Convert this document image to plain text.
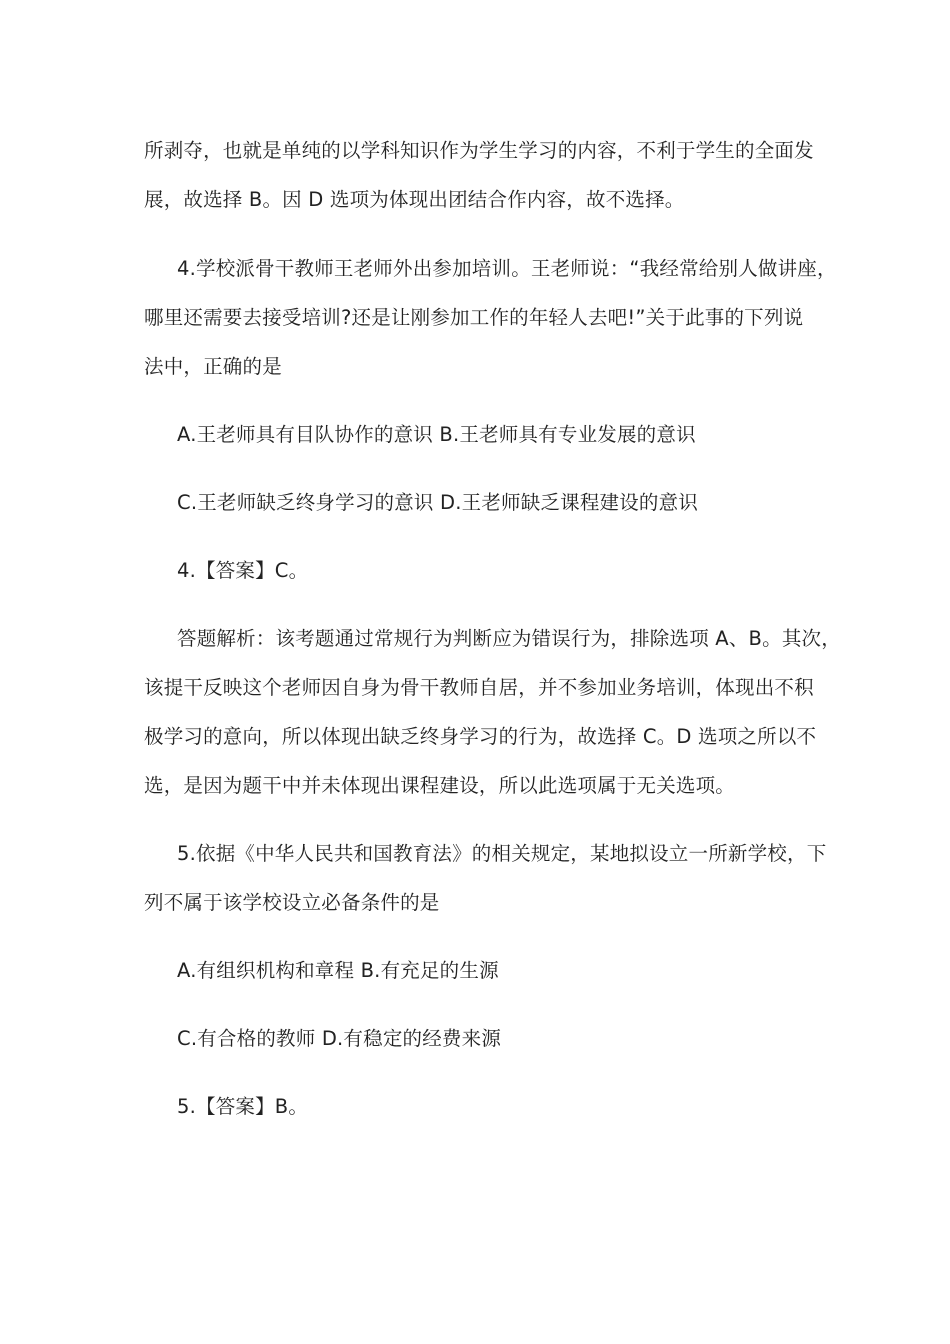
所剥夺，也就是单纯的以学科知识作为学生学习的内容，不利于学生的全面发
展，故选择 B。因 D 选项为体现出团结合作内容，故不选择。
4.学校派骨干教师王老师外出参加培训。王老师说：“我经常给别人做讲座，
哪里还需要去接受培训?还是让刚参加工作的年轻人去吧!”关于此事的下列说
法中，正确的是
A.王老师具有目队协作的意识 B.王老师具有专业发展的意识
C.王老师缺乏终身学习的意识 D.王老师缺乏课程建设的意识
4.【答案】C。
答题解析：该考题通过常规行为判断应为错误行为，排除选项 A、B。其次，
该提干反映这个老师因自身为骨干教师自居，并不参加业务培训，体现出不积
极学习的意向，所以体现出缺乏终身学习的行为，故选择 C。D 选项之所以不
选，是因为题干中并未体现出课程建设，所以此选项属于无关选项。
5.依据《中华人民共和国教育法》的相关规定，某地拟设立一所新学校，下
列不属于该学校设立必备条件的是
A.有组织机构和章程 B.有充足的生源
C.有合格的教师 D.有稳定的经费来源
5.【答案】B。
